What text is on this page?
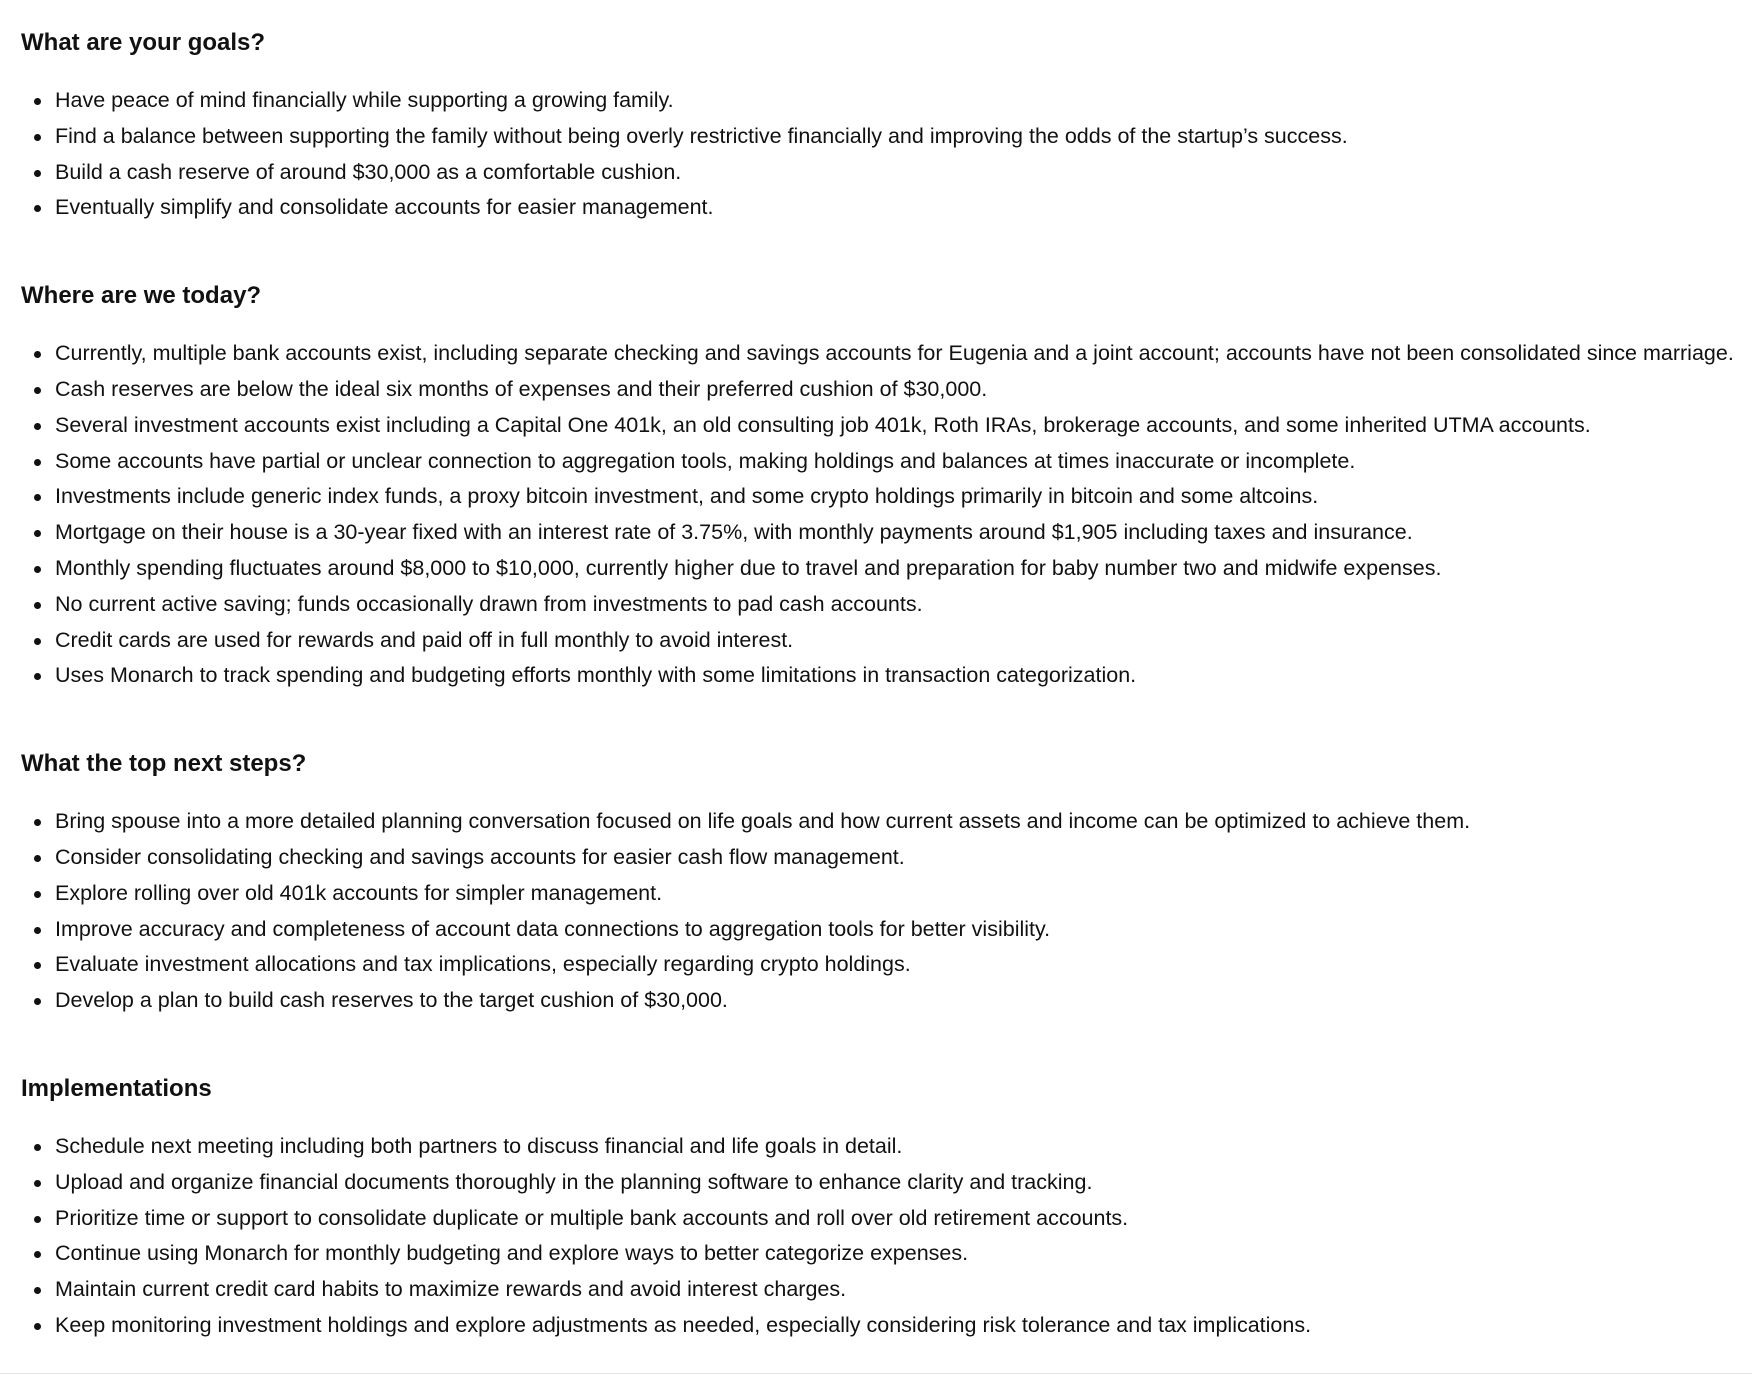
What are your goals?
Have peace of mind financially while supporting a growing family.
Find a balance between supporting the family without being overly restrictive financially and improving the odds of the startup’s success.
Build a cash reserve of around $30,000 as a comfortable cushion.
Eventually simplify and consolidate accounts for easier management.
Where are we today?
Currently, multiple bank accounts exist, including separate checking and savings accounts for Eugenia and a joint account; accounts have not been consolidated since marriage.
Cash reserves are below the ideal six months of expenses and their preferred cushion of $30,000.
Several investment accounts exist including a Capital One 401k, an old consulting job 401k, Roth IRAs, brokerage accounts, and some inherited UTMA accounts.
Some accounts have partial or unclear connection to aggregation tools, making holdings and balances at times inaccurate or incomplete.
Investments include generic index funds, a proxy bitcoin investment, and some crypto holdings primarily in bitcoin and some altcoins.
Mortgage on their house is a 30-year fixed with an interest rate of 3.75%, with monthly payments around $1,905 including taxes and insurance.
Monthly spending fluctuates around $8,000 to $10,000, currently higher due to travel and preparation for baby number two and midwife expenses.
No current active saving; funds occasionally drawn from investments to pad cash accounts.
Credit cards are used for rewards and paid off in full monthly to avoid interest.
Uses Monarch to track spending and budgeting efforts monthly with some limitations in transaction categorization.
What the top next steps?
Bring spouse into a more detailed planning conversation focused on life goals and how current assets and income can be optimized to achieve them.
Consider consolidating checking and savings accounts for easier cash flow management.
Explore rolling over old 401k accounts for simpler management.
Improve accuracy and completeness of account data connections to aggregation tools for better visibility.
Evaluate investment allocations and tax implications, especially regarding crypto holdings.
Develop a plan to build cash reserves to the target cushion of $30,000.
Implementations
Schedule next meeting including both partners to discuss financial and life goals in detail.
Upload and organize financial documents thoroughly in the planning software to enhance clarity and tracking.
Prioritize time or support to consolidate duplicate or multiple bank accounts and roll over old retirement accounts.
Continue using Monarch for monthly budgeting and explore ways to better categorize expenses.
Maintain current credit card habits to maximize rewards and avoid interest charges.
Keep monitoring investment holdings and explore adjustments as needed, especially considering risk tolerance and tax implications.
